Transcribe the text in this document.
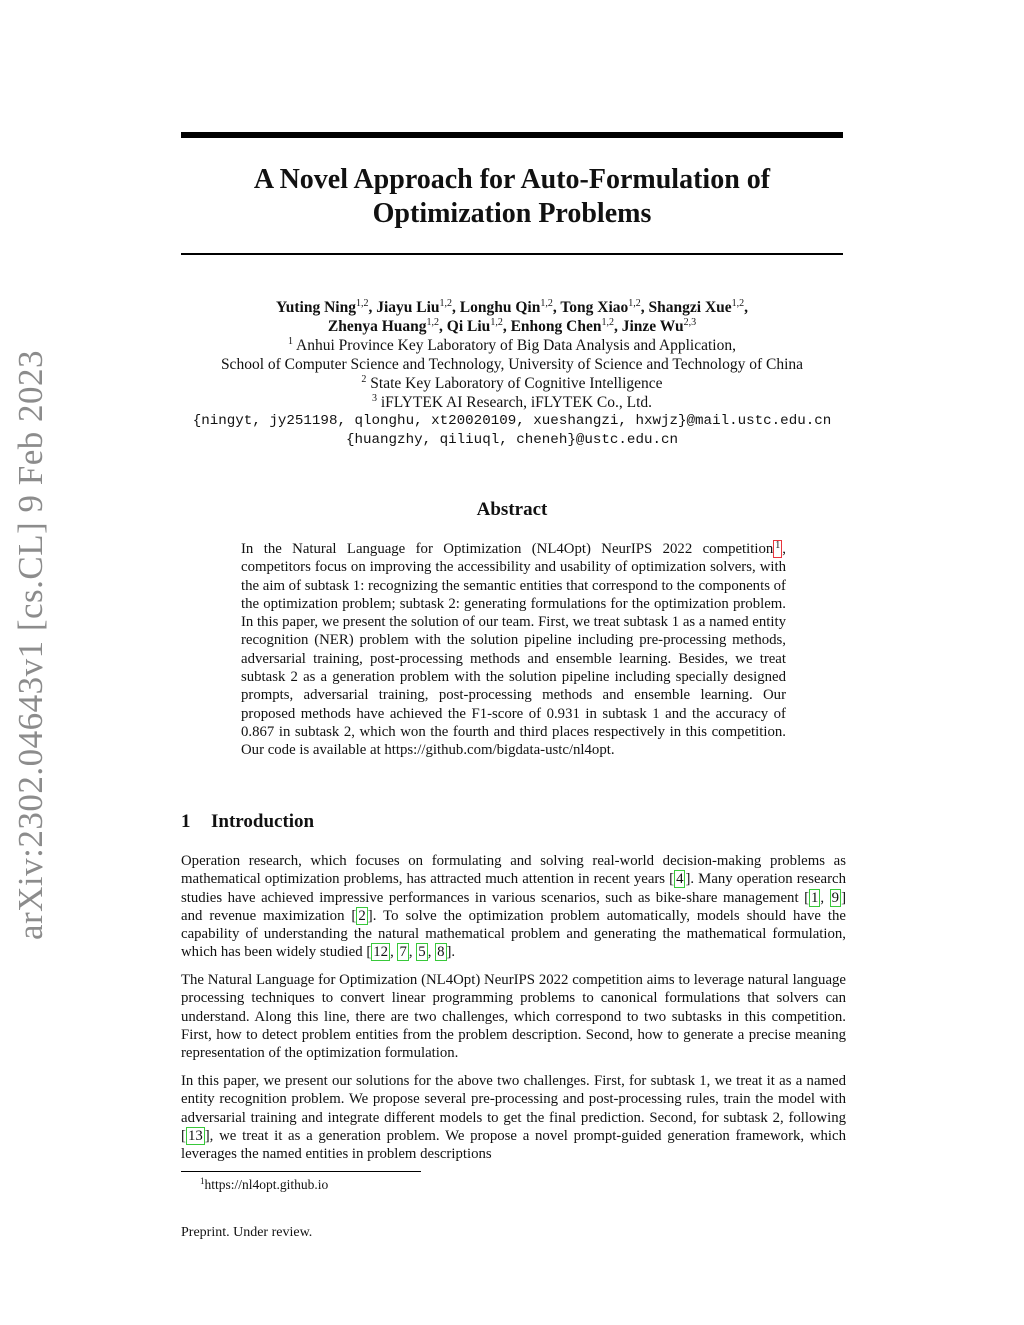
arXiv:2302.04643v1 [cs.CL] 9 Feb 2023
A Novel Approach for Auto-Formulation of
Optimization Problems
Yuting Ning$^{1,2}$, Jiayu Liu$^{1,2}$, Longhu Qin$^{1,2}$, Tong Xiao$^{1,2}$, Shangzi Xue$^{1,2}$,
Zhenya Huang$^{1,2}$, Qi Liu$^{1,2}$, Enhong Chen$^{1,2}$, Jinze Wu$^{2,3}$
$^1$ Anhui Province Key Laboratory of Big Data Analysis and Application,
School of Computer Science and Technology, University of Science and Technology of China
$^2$ State Key Laboratory of Cognitive Intelligence
$^3$ iFLYTEK AI Research, iFLYTEK Co., Ltd.
{ningyt, jy251198, qlonghu, xt20020109, xueshangzi, hxwjz}@mail.ustc.edu.cn
{huangzhy, qiliuql, cheneh}@ustc.edu.cn
Abstract

In the Natural Language for Optimization (NL4Opt) NeurIPS 2022 competition $^1$ , competitors focus on improving the accessibility and usability of optimization solvers, with the aim of subtask 1: recognizing the semantic entities that correspond to the components of the optimization problem; subtask 2: generating formulations for the optimization problem. In this paper, we present the solution of our team. First, we treat subtask 1 as a named entity recognition (NER) problem with the solution pipeline including pre-processing methods, adversarial training, post-processing methods and ensemble learning. Besides, we treat subtask 2 as a generation problem with the solution pipeline including specially designed prompts, adversarial training, post-processing methods and ensemble learning. Our proposed methods have achieved the F1-score of 0.931 in subtask 1 and the accuracy of 0.867 in subtask 2, which won the fourth and third places respectively in this competition. Our code is available at https://github.com/bigdata-ustc/nl4opt.

1 Introduction

Operation research, which focuses on formulating and solving real-world decision-making problems as mathematical optimization problems, has attracted much attention in recent years [ 4 ]. Many operation research studies have achieved impressive performances in various scenarios, such as bike-share management [ 1 , 9 ] and revenue maximization [ 2 ]. To solve the optimization problem automatically, models should have the capability of understanding the natural mathematical problem and generating the mathematical formulation, which has been widely studied [ 12 , 7 , 5 , 8 ].

The Natural Language for Optimization (NL4Opt) NeurIPS 2022 competition aims to leverage natural language processing techniques to convert linear programming problems to canonical formulations that solvers can understand. Along this line, there are two challenges, which correspond to two subtasks in this competition. First, how to detect problem entities from the problem description. Second, how to generate a precise meaning representation of the optimization formulation.

In this paper, we present our solutions for the above two challenges. First, for subtask 1, we treat it as a named entity recognition problem. We propose several pre-processing and post-processing rules, train the model with adversarial training and integrate different models to get the final prediction. Second, for subtask 2, following [ 13 ], we treat it as a generation problem. We propose a novel prompt-guided generation framework, which leverages the named entities in problem descriptions

$^1$https://nl4opt.github.io
Preprint. Under review.
